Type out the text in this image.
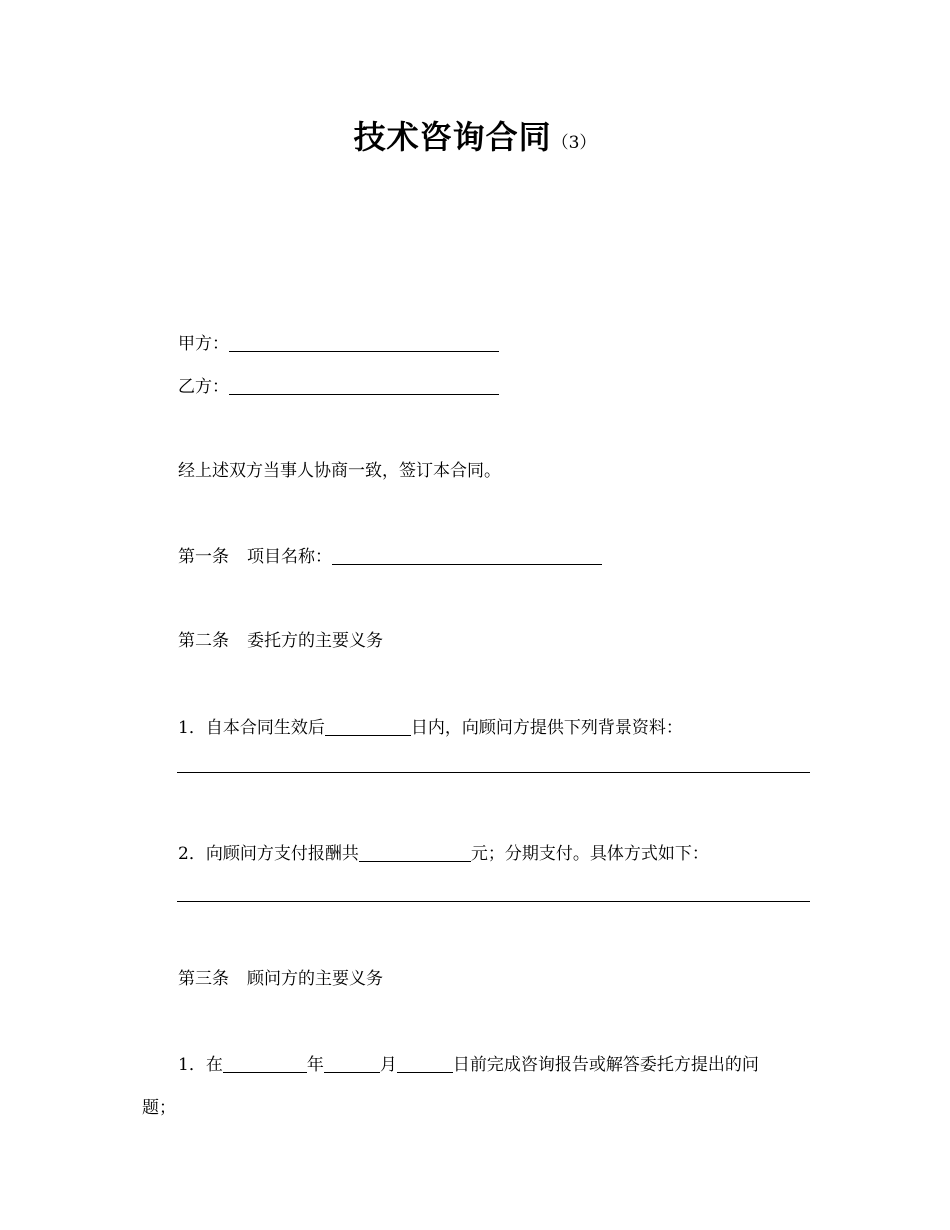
技术咨询合同（3）
甲方：
乙方：
经上述双方当事人协商一致，签订本合同。
第一条 项目名称：
第二条 委托方的主要义务
1．自本合同生效后	日内，向顾问方提供下列背景资料：
2．向顾问方支付报酬共	元；分期支付。具体方式如下：
第三条 顾问方的主要义务
1．在	年	月	日前完成咨询报告或解答委托方提出的问
题；
